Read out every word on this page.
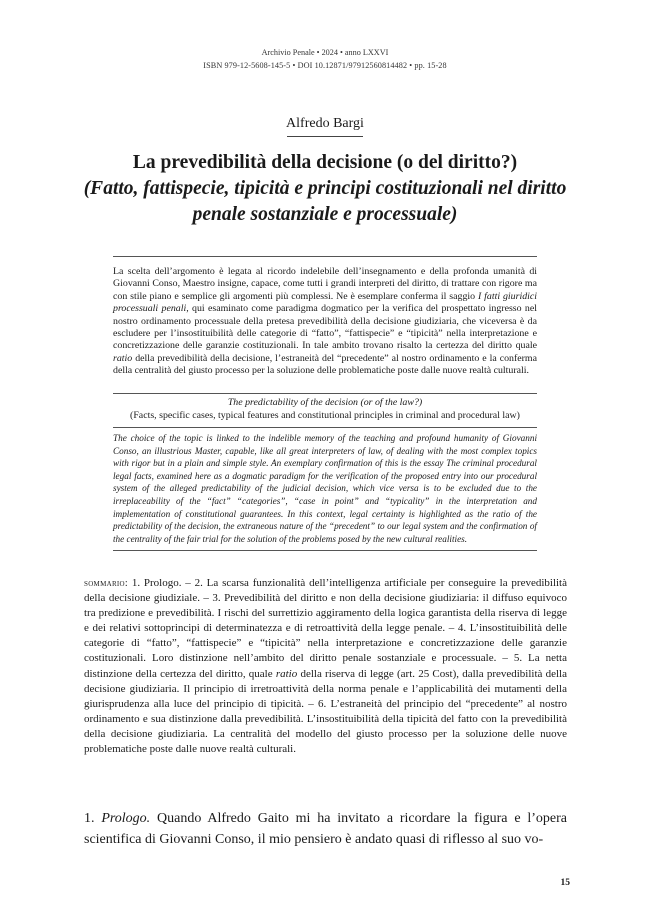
Archivio Penale • 2024 • anno LXXVI
ISBN 979-12-5608-145-5 • DOI 10.12871/97912560814482 • pp. 15-28
Alfredo Bargi
La prevedibilità della decisione (o del diritto?)
(Fatto, fattispecie, tipicità e principi costituzionali nel diritto penale sostanziale e processuale)
La scelta dell’argomento è legata al ricordo indelebile dell’insegnamento e della profonda umanità di Giovanni Conso, Maestro insigne, capace, come tutti i grandi interpreti del diritto, di trattare con rigore ma con stile piano e semplice gli argomenti più complessi. Ne è esemplare conferma il saggio I fatti giuridici processuali penali, qui esaminato come paradigma dogmatico per la verifica del prospettato ingresso nel nostro ordinamento processuale della pretesa prevedibilità della decisione giudiziaria, che viceversa è da escludere per l’insostituibilità delle categorie di “fatto”, “fattispecie” e “tipicità” nella interpretazione e concretizzazione delle garanzie costituzionali. In tale ambito trovano risalto la certezza del diritto quale ratio della prevedibilità della decisione, l’estraneità del “precedente” al nostro ordinamento e la conferma della centralità del giusto processo per la soluzione delle problematiche poste dalle nuove realtà culturali.
The predictability of the decision (or of the law?)
(Facts, specific cases, typical features and constitutional principles in criminal and procedural law)
The choice of the topic is linked to the indelible memory of the teaching and profound humanity of Giovanni Conso, an illustrious Master, capable, like all great interpreters of law, of dealing with the most complex topics with rigor but in a plain and simple style. An exemplary confirmation of this is the essay The criminal procedural legal facts, examined here as a dogmatic paradigm for the verification of the proposed entry into our procedural system of the alleged predictability of the judicial decision, which vice versa is to be excluded due to the irreplaceability of the “fact” “categories”, “case in point” and “typicality” in the interpretation and implementation of constitutional guarantees. In this context, legal certainty is highlighted as the ratio of the predictability of the decision, the extraneous nature of the “precedent” to our legal system and the confirmation of the centrality of the fair trial for the solution of the problems posed by the new cultural realities.
sommario: 1. Prologo. – 2. La scarsa funzionalità dell’intelligenza artificiale per conseguire la prevedibilità della decisione giudiziale. – 3. Prevedibilità del diritto e non della decisione giudiziaria: il diffuso equivoco tra predizione e prevedibilità. I rischi del surrettizio aggiramento della logica garantista della riserva di legge e dei relativi sottoprincipi di determinatezza e di retroattività della legge penale. – 4. L’insostituibilità delle categorie di “fatto”, “fattispecie” e “tipicità” nella interpretazione e concretizzazione delle garanzie costituzionali. Loro distinzione nell’ambito del diritto penale sostanziale e processuale. – 5. La netta distinzione della certezza del diritto, quale ratio della riserva di legge (art. 25 Cost), dalla prevedibilità della decisione giudiziaria. Il principio di irretroattività della norma penale e l’applicabilità dei mutamenti della giurisprudenza alla luce del principio di tipicità. – 6. L’estraneità del principio del “precedente” al nostro ordinamento e sua distinzione dalla prevedibilità. L’insostituibilità della tipicità del fatto con la prevedibilità della decisione giudiziaria. La centralità del modello del giusto processo per la soluzione delle nuove problematiche poste dalle nuove realtà culturali.
1. Prologo. Quando Alfredo Gaito mi ha invitato a ricordare la figura e l’opera scientifica di Giovanni Conso, il mio pensiero è andato quasi di riflesso al suo vo-
15
